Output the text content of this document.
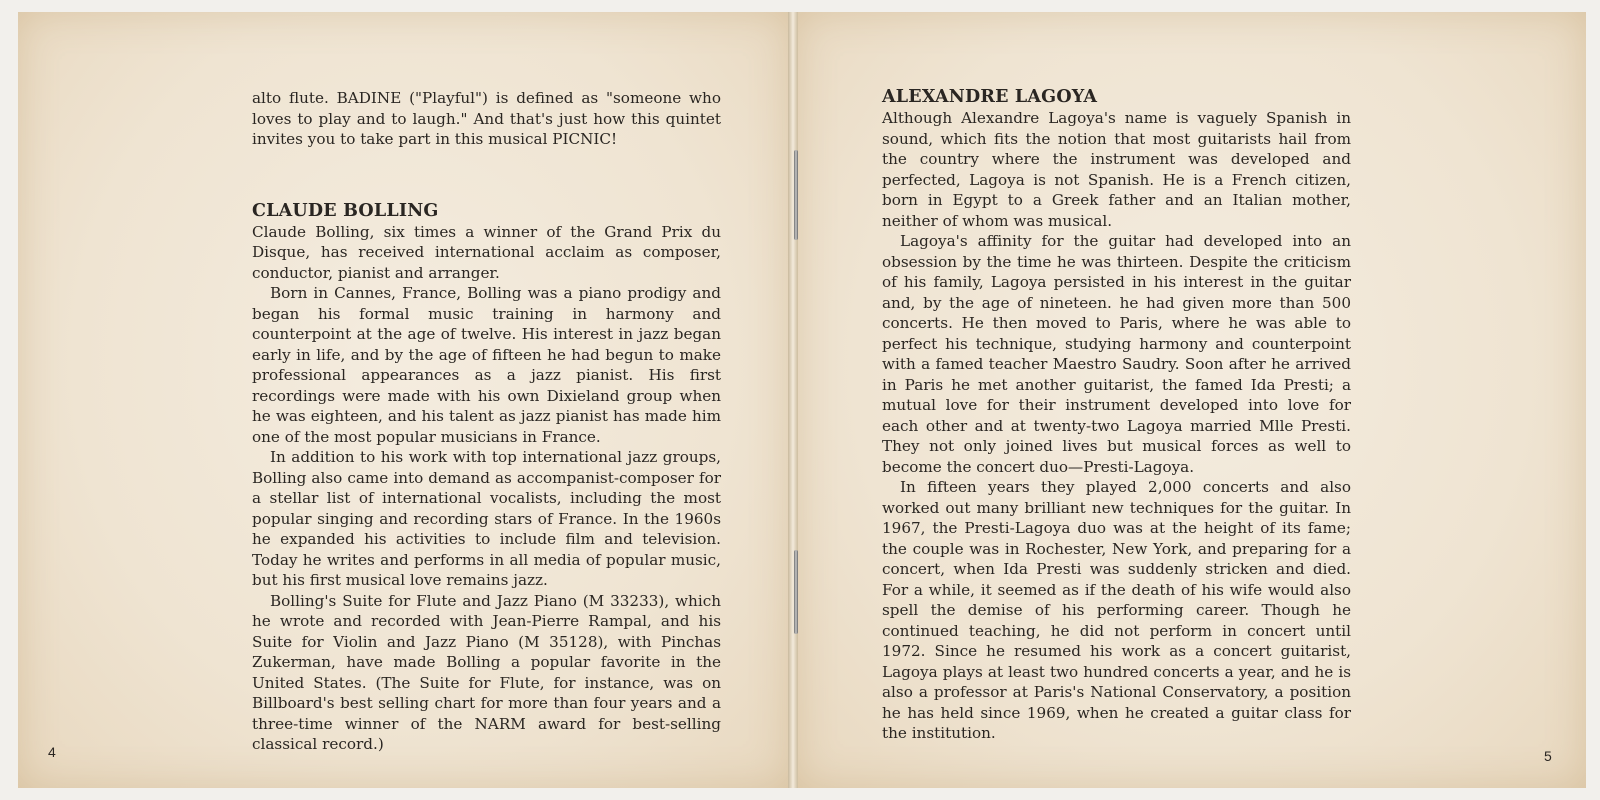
alto flute. BADINE ("Playful") is defined as "someone who loves to play and to laugh." And that's just how this quintet invites you to take part in this musical PICNIC!

CLAUDE BOLLING

Claude Bolling, six times a winner of the Grand Prix du Disque, has received international acclaim as composer, conductor, pianist and arranger.

Born in Cannes, France, Bolling was a piano prodigy and began his formal music training in harmony and counterpoint at the age of twelve. His interest in jazz began early in life, and by the age of fifteen he had begun to make professional appearances as a jazz pianist. His first recordings were made with his own Dixieland group when he was eighteen, and his talent as jazz pianist has made him one of the most popular musicians in France.

In addition to his work with top international jazz groups, Bolling also came into demand as accompanist-composer for a stellar list of international vocalists, including the most popular singing and recording stars of France. In the 1960s he expanded his activities to include film and television. Today he writes and performs in all media of popular music, but his first musical love remains jazz.

Bolling's Suite for Flute and Jazz Piano (M 33233), which he wrote and recorded with Jean-Pierre Rampal, and his Suite for Violin and Jazz Piano (M 35128), with Pinchas Zukerman, have made Bolling a popular favorite in the United States. (The Suite for Flute, for instance, was on Billboard's best selling chart for more than four years and a three-time winner of the NARM award for best-selling classical record.)

ALEXANDRE LAGOYA

Although Alexandre Lagoya's name is vaguely Spanish in sound, which fits the notion that most guitarists hail from the country where the instrument was developed and perfected, Lagoya is not Spanish. He is a French citizen, born in Egypt to a Greek father and an Italian mother, neither of whom was musical.

Lagoya's affinity for the guitar had developed into an obsession by the time he was thirteen. Despite the criticism of his family, Lagoya persisted in his interest in the guitar and, by the age of nineteen. he had given more than 500 concerts. He then moved to Paris, where he was able to perfect his technique, studying harmony and counterpoint with a famed teacher Maestro Saudry. Soon after he arrived in Paris he met another guitarist, the famed Ida Presti; a mutual love for their instrument developed into love for each other and at twenty-two Lagoya married Mlle Presti. They not only joined lives but musical forces as well to become the concert duo—Presti-Lagoya.

In fifteen years they played 2,000 concerts and also worked out many brilliant new techniques for the guitar. In 1967, the Presti-Lagoya duo was at the height of its fame; the couple was in Rochester, New York, and preparing for a concert, when Ida Presti was suddenly stricken and died. For a while, it seemed as if the death of his wife would also spell the demise of his performing career. Though he continued teaching, he did not perform in concert until 1972. Since he resumed his work as a concert guitarist, Lagoya plays at least two hundred concerts a year, and he is also a professor at Paris's National Conservatory, a position he has held since 1969, when he created a guitar class for the institution.

4	5
